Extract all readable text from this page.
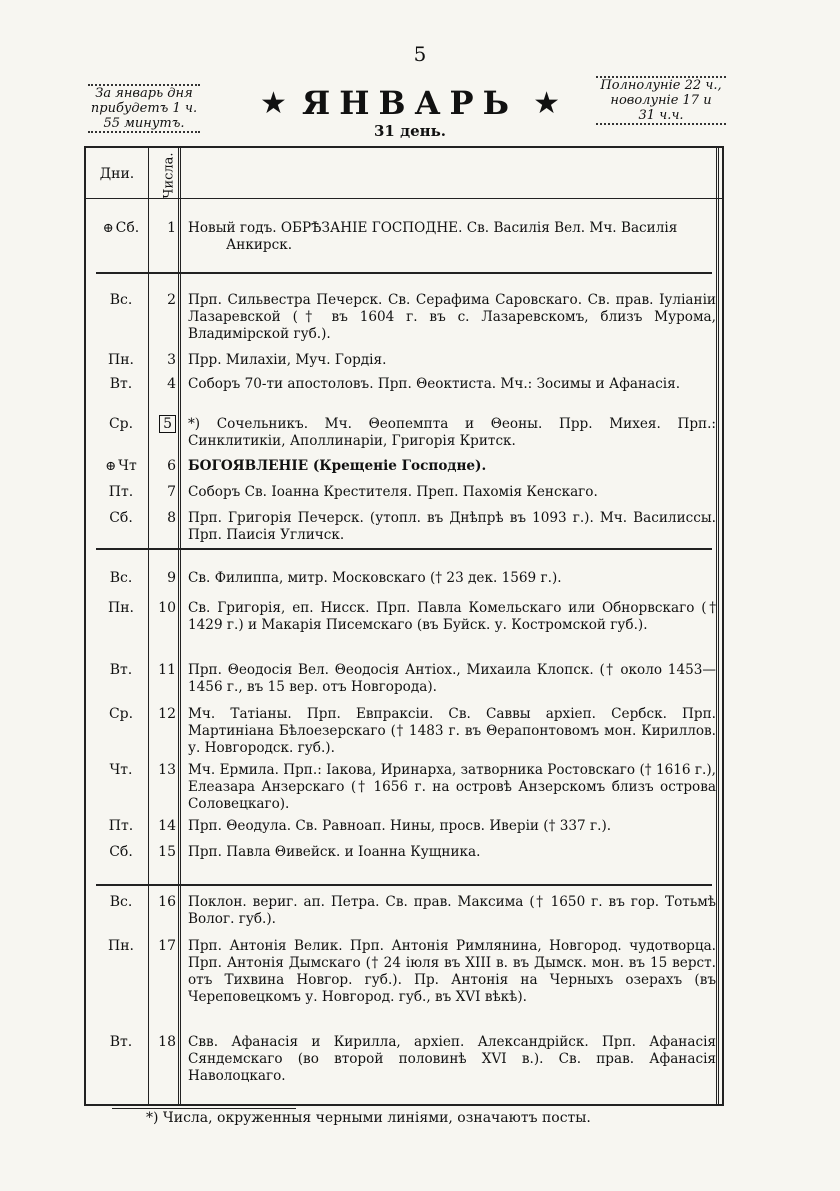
5
За январь дня
прибудетъ 1 ч.
55 минутъ.
★ ЯНВАРЬ ★
31 день.
Полнолуніе 22 ч.,
новолуніе 17 и
31 ч.ч.
Дни.	Числа.
⊕ Сб.	1 Новый годъ. ОБРѢЗАНІЕ ГОСПОДНЕ. Св. Василія Вел. Мч. Василія
Анкирск.
Вс.	2 Прп. Сильвестра Печерск. Св. Серафима Саровскаго. Св. прав. Іуліаніи Лазаревской († въ 1604 г. въ с. Лазаревскомъ, близъ Мурома, Владимірской губ.).
Пн.	3 Прр. Милахіи, Муч. Гордія.
Вт.	4 Соборъ 70-ти апостоловъ. Прп. Θеоктиста. Мч.: Зосимы и Афанасія.
Ср.	5 *) Сочельникъ. Мч. Θеопемпта и Θеоны. Прр. Михея. Прп.: Синклитикіи, Аполлинаріи, Григорія Критск.
⊕ Чт	6 БОГОЯВЛЕНІЕ (Крещеніе Господне).
Пт.	7 Соборъ Св. Іоанна Крестителя. Преп. Пахомія Кенскаго.
Сб.	8 Прп. Григорія Печерск. (утопл. въ Днѣпрѣ въ 1093 г.). Мч. Василиссы. Прп. Паисія Угличск.
Вс.	9 Св. Филиппа, митр. Московскаго († 23 дек. 1569 г.).
Пн.	10 Св. Григорія, еп. Нисск. Прп. Павла Комельскаго или Обнорвскаго († 1429 г.) и Макарія Писемскаго (въ Буйск. у. Костромской губ.).
Вт.	11 Прп. Θеодосія Вел. Θеодосія Антіох., Михаила Клопск. († около 1453—1456 г., въ 15 вер. отъ Новгорода).
Ср.	12 Мч. Татіаны. Прп. Евпраксіи. Св. Саввы архіеп. Сербск. Прп. Мартиніана Бѣлоезерскаго († 1483 г. въ Θерапонтовомъ мон. Кириллов. у. Новгородск. губ.).
Чт.	13 Мч. Ермила. Прп.: Іакова, Иринарха, затворника Ростовскаго († 1616 г.), Елеазара Анзерскаго († 1656 г. на островѣ Анзерскомъ близъ острова Соловецкаго).
Пт.	14 Прп. Θеодула. Св. Равноап. Нины, просв. Иверіи († 337 г.).
Сб.	15 Прп. Павла Θивейск. и Іоанна Кущника.
Вс.	16 Поклон. вериг. ап. Петра. Св. прав. Максима († 1650 г. въ гор. Тотьмѣ Волог. губ.).
Пн.	17 Прп. Антонія Велик. Прп. Антонія Римлянина, Новгород. чудотворца. Прп. Антонія Дымскаго († 24 іюля въ XIII в. въ Дымск. мон. въ 15 верст. отъ Тихвина Новгор. губ.). Пр. Антонія на Черныхъ озерахъ (въ Череповецкомъ у. Новгород. губ., въ XVI вѣкѣ).
Вт.	18 Свв. Афанасія и Кирилла, архіеп. Александрійск. Прп. Афанасія Сяндемскаго (во второй половинѣ XVI в.). Св. прав. Афанасія Наволоцкаго.
*) Числа, окруженныя черными линіями, означаютъ посты.
